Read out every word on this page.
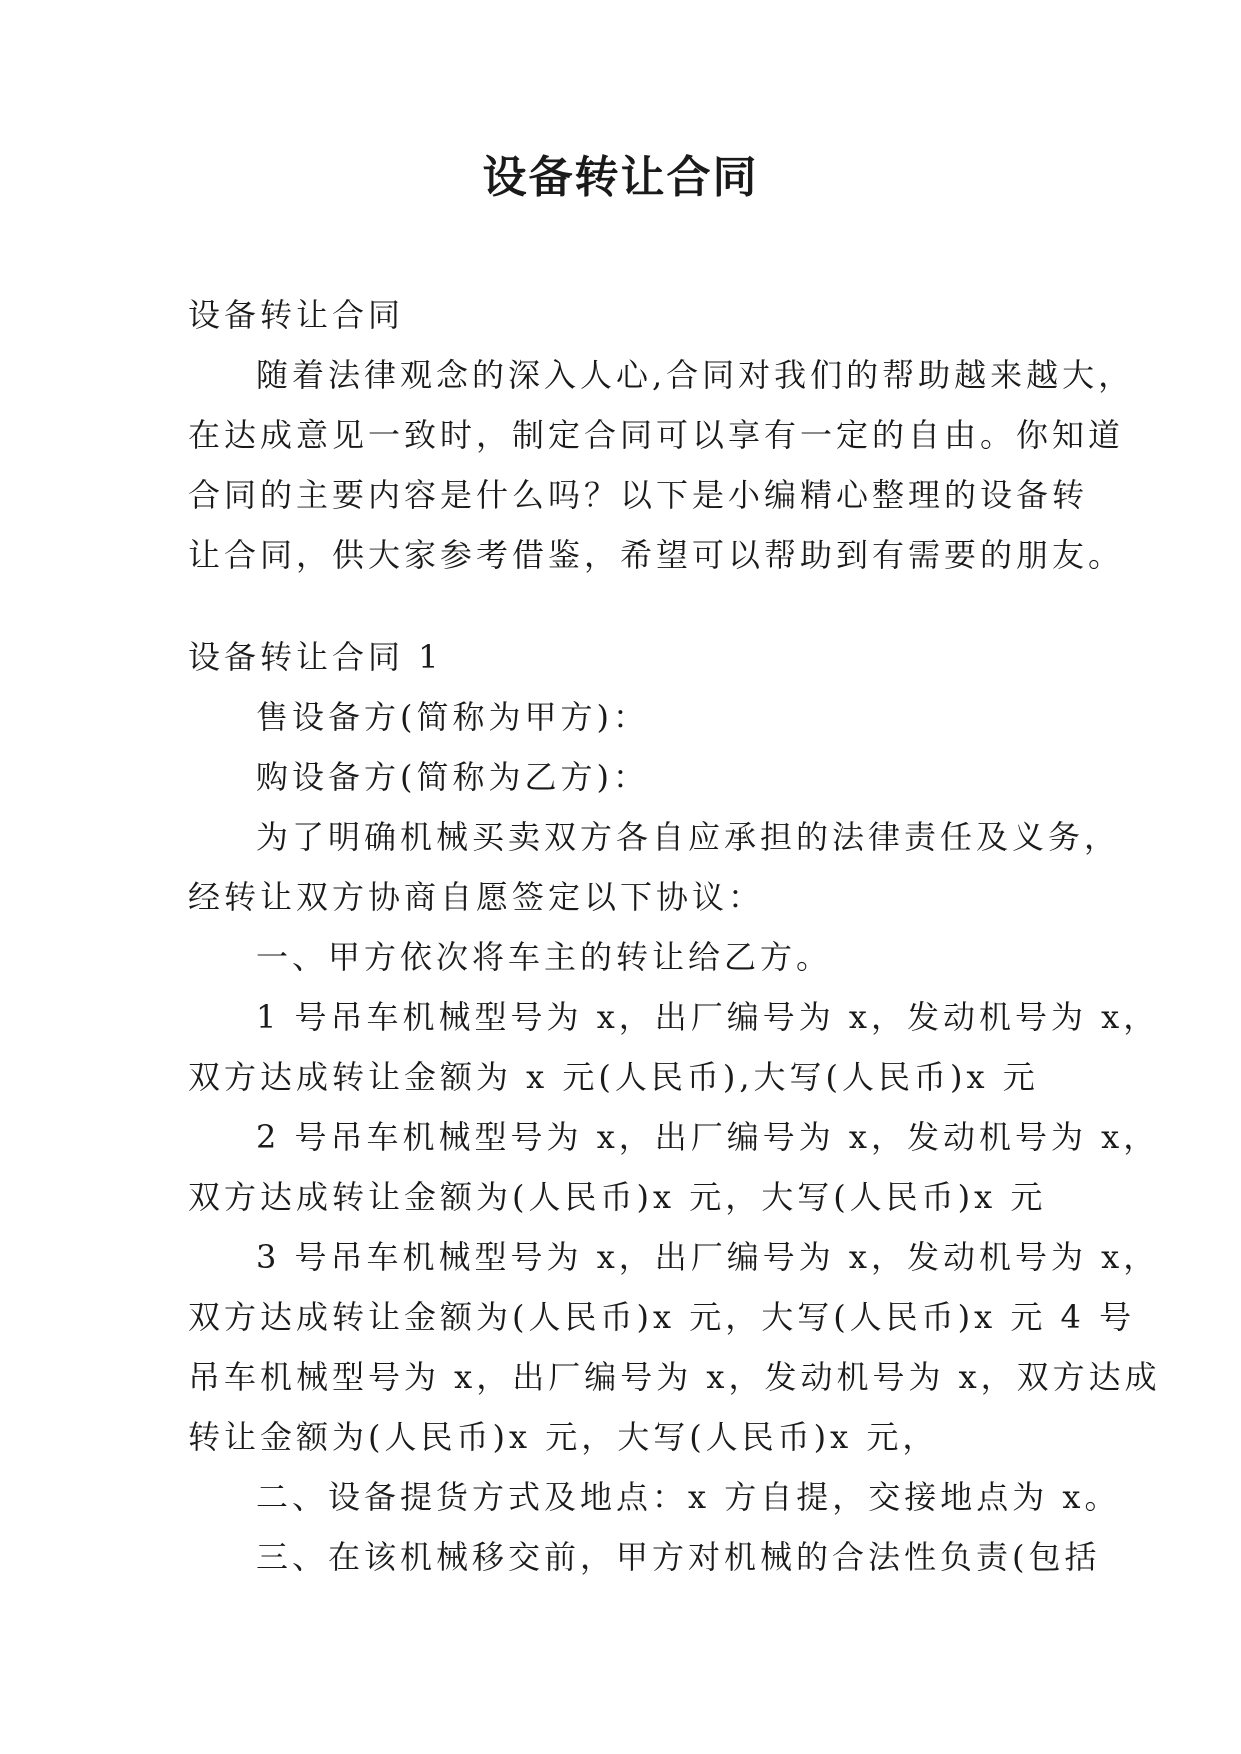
设备转让合同
设备转让合同
随着法律观念的深入人心,合同对我们的帮助越来越大，
在达成意见一致时，制定合同可以享有一定的自由。你知道
合同的主要内容是什么吗？以下是小编精心整理的设备转
让合同，供大家参考借鉴，希望可以帮助到有需要的朋友。
设备转让合同 1
售设备方(简称为甲方)：
购设备方(简称为乙方)：
为了明确机械买卖双方各自应承担的法律责任及义务，
经转让双方协商自愿签定以下协议：
一、甲方依次将车主的转让给乙方。
1 号吊车机械型号为 x，出厂编号为 x，发动机号为 x，
双方达成转让金额为 x 元(人民币),大写(人民币)x 元
2 号吊车机械型号为 x，出厂编号为 x，发动机号为 x，
双方达成转让金额为(人民币)x 元，大写(人民币)x 元
3 号吊车机械型号为 x，出厂编号为 x，发动机号为 x，
双方达成转让金额为(人民币)x 元，大写(人民币)x 元 4 号
吊车机械型号为 x，出厂编号为 x，发动机号为 x，双方达成
转让金额为(人民币)x 元，大写(人民币)x 元，
二、设备提货方式及地点：x 方自提，交接地点为 x。
三、在该机械移交前，甲方对机械的合法性负责(包括
